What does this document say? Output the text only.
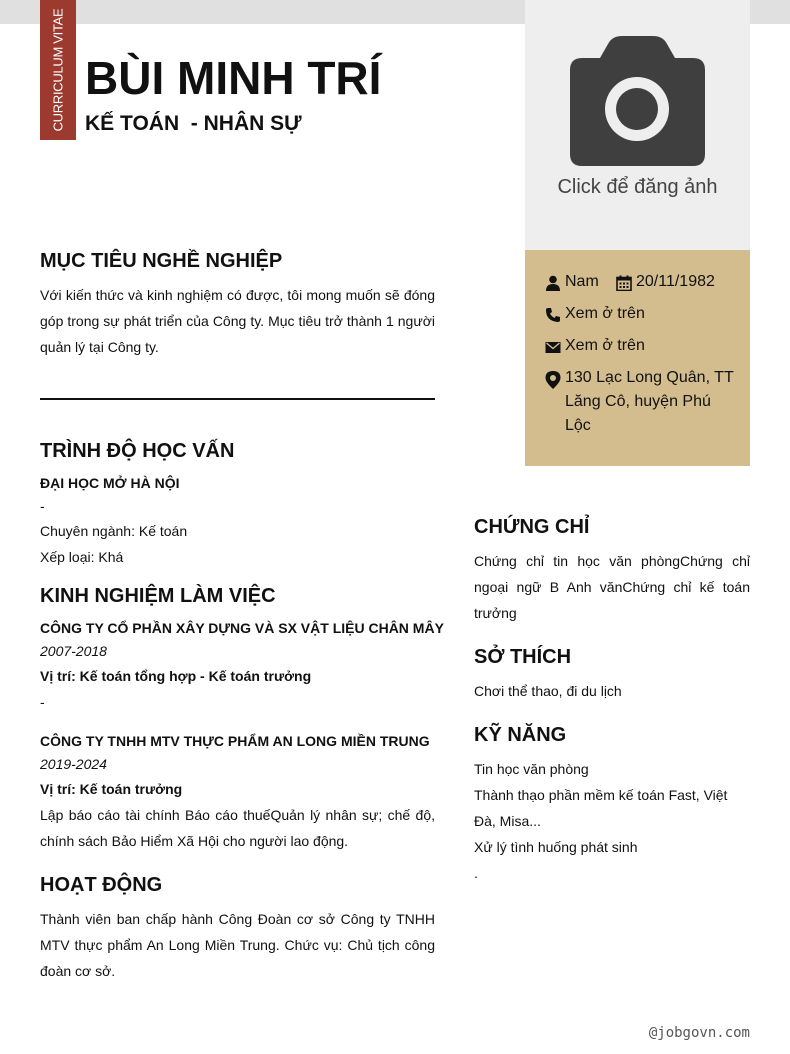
CURRICULUM VITAE BÙI MINH TRÍ
KẾ TOÁN  - NHÂN SỰ
Click để đăng ảnh
Nam 20/11/1982
Xem ở trên
Xem ở trên
130 Lạc Long Quân, TT
Lăng Cô, huyện Phú
Lộc
MỤC TIÊU NGHỀ NGHIỆP

Với kiến thức và kinh nghiệm có được, tôi mong muốn sẽ đóng góp trong sự phát triển của Công ty. Mục tiêu trở thành 1 người quản lý tại Công ty.

TRÌNH ĐỘ HỌC VẤN
ĐẠI HỌC MỞ HÀ NỘI
-
Chuyên ngành: Kế toán
Xếp loại: Khá
KINH NGHIỆM LÀM VIỆC
CÔNG TY CỔ PHẦN XÂY DỰNG VÀ SX VẬT LIỆU CHÂN MÂY
2007-2018
Vị trí: Kế toán tổng hợp - Kế toán trưởng
-
CÔNG TY TNHH MTV THỰC PHẨM AN LONG MIỀN TRUNG
2019-2024
Vị trí: Kế toán trưởng

Lập báo cáo tài chính Báo cáo thuếQuản lý nhân sự; chế độ, chính sách Bảo Hiểm Xã Hội cho người lao động.

HOẠT ĐỘNG

Thành viên ban chấp hành Công Đoàn cơ sở Công ty TNHH MTV thực phẩm An Long Miền Trung. Chức vụ: Chủ tịch công đoàn cơ sở.

CHỨNG CHỈ

Chứng chỉ tin học văn phòngChứng chỉ ngoại ngữ B Anh vănChứng chỉ kế toán trưởng

SỞ THÍCH
Chơi thể thao, đi du lịch
KỸ NĂNG
Tin học văn phòng

Thành thạo phần mềm kế toán Fast, Việt Đà, Misa...

Xử lý tình huống phát sinh
.
@jobgovn.com
